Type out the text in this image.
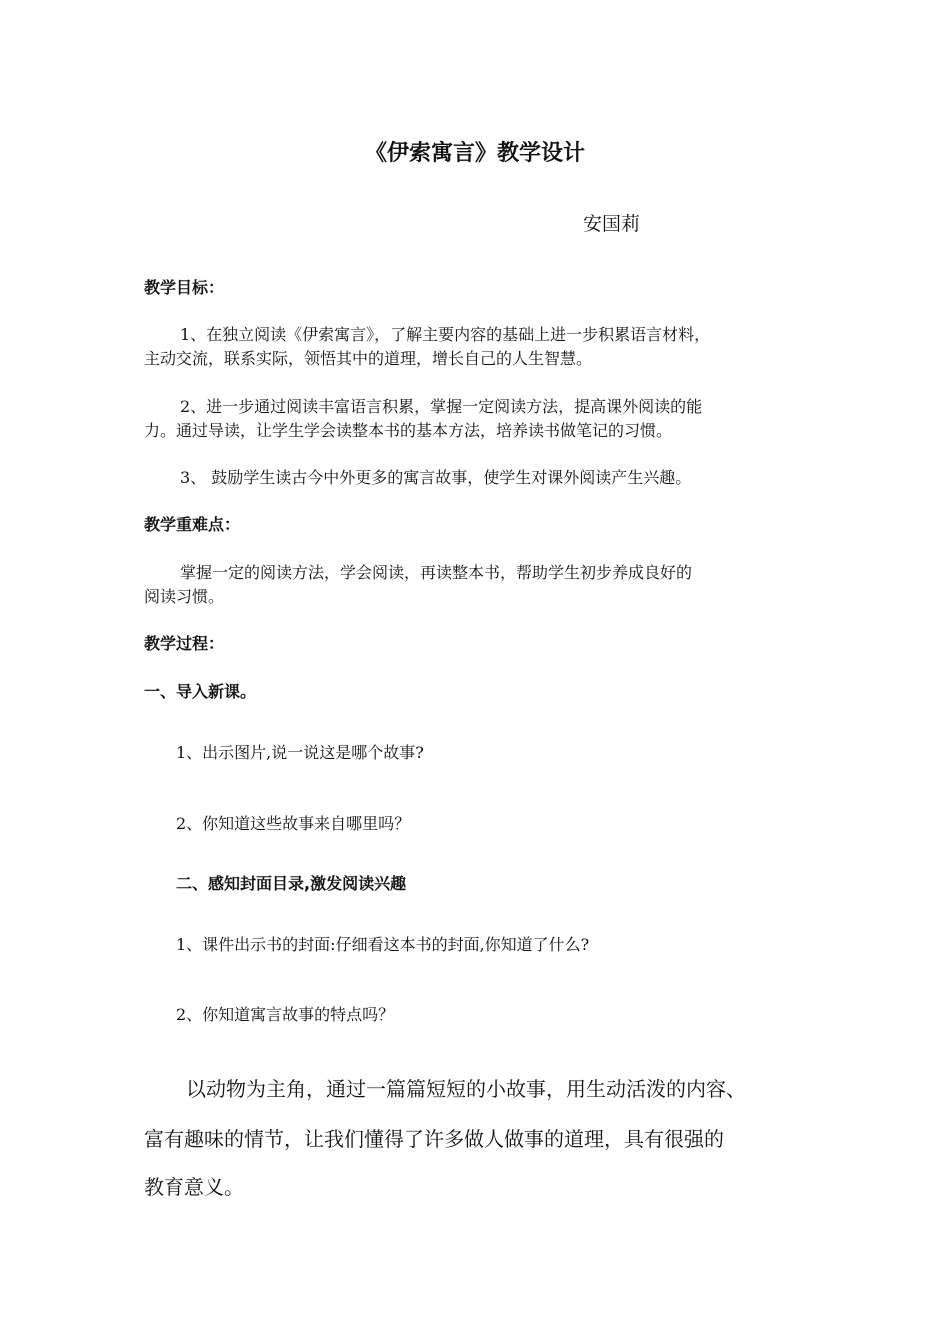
《伊索寓言》教学设计
安国莉
教学目标：
1、在独立阅读《伊索寓言》，了解主要内容的基础上进一步积累语言材料，
主动交流，联系实际，领悟其中的道理，增长自己的人生智慧。
2、进一步通过阅读丰富语言积累，掌握一定阅读方法，提高课外阅读的能
力。通过导读，让学生学会读整本书的基本方法，培养读书做笔记的习惯。
3、 鼓励学生读古今中外更多的寓言故事，使学生对课外阅读产生兴趣。
教学重难点：
掌握一定的阅读方法，学会阅读，再读整本书，帮助学生初步养成良好的
阅读习惯。
教学过程：
一、导入新课。
1、出示图片,说一说这是哪个故事?
2、你知道这些故事来自哪里吗？
二、感知封面目录,激发阅读兴趣
1、课件出示书的封面:仔细看这本书的封面,你知道了什么?
2、你知道寓言故事的特点吗？
以动物为主角，通过一篇篇短短的小故事，用生动活泼的内容、
富有趣味的情节，让我们懂得了许多做人做事的道理，具有很强的
教育意义。
